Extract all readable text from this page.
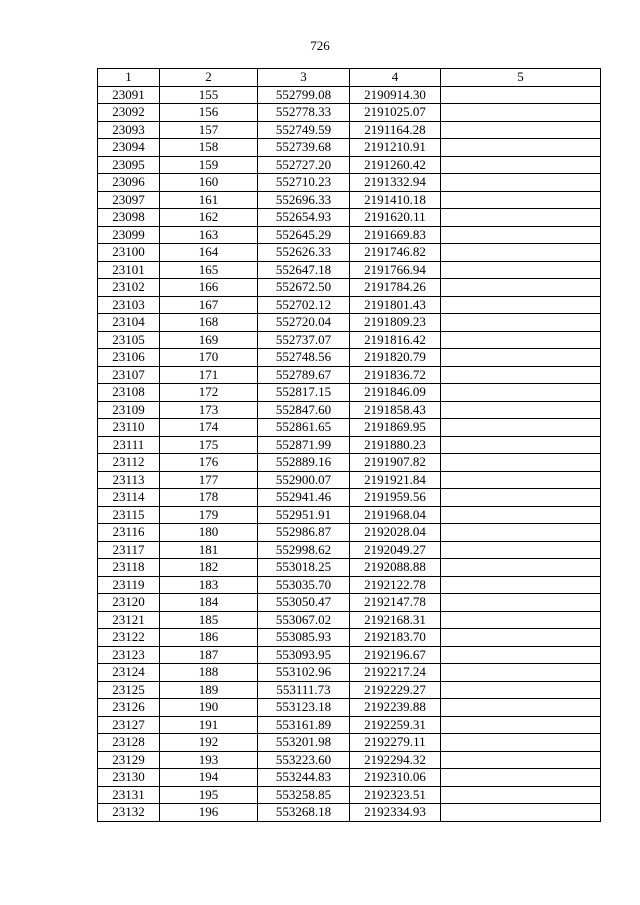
726
1	2	3	4	5
23091	155	552799.08	2190914.30	
23092	156	552778.33	2191025.07	
23093	157	552749.59	2191164.28	
23094	158	552739.68	2191210.91	
23095	159	552727.20	2191260.42	
23096	160	552710.23	2191332.94	
23097	161	552696.33	2191410.18	
23098	162	552654.93	2191620.11	
23099	163	552645.29	2191669.83	
23100	164	552626.33	2191746.82	
23101	165	552647.18	2191766.94	
23102	166	552672.50	2191784.26	
23103	167	552702.12	2191801.43	
23104	168	552720.04	2191809.23	
23105	169	552737.07	2191816.42	
23106	170	552748.56	2191820.79	
23107	171	552789.67	2191836.72	
23108	172	552817.15	2191846.09	
23109	173	552847.60	2191858.43	
23110	174	552861.65	2191869.95	
23111	175	552871.99	2191880.23	
23112	176	552889.16	2191907.82	
23113	177	552900.07	2191921.84	
23114	178	552941.46	2191959.56	
23115	179	552951.91	2191968.04	
23116	180	552986.87	2192028.04	
23117	181	552998.62	2192049.27	
23118	182	553018.25	2192088.88	
23119	183	553035.70	2192122.78	
23120	184	553050.47	2192147.78	
23121	185	553067.02	2192168.31	
23122	186	553085.93	2192183.70	
23123	187	553093.95	2192196.67	
23124	188	553102.96	2192217.24	
23125	189	553111.73	2192229.27	
23126	190	553123.18	2192239.88	
23127	191	553161.89	2192259.31	
23128	192	553201.98	2192279.11	
23129	193	553223.60	2192294.32	
23130	194	553244.83	2192310.06	
23131	195	553258.85	2192323.51	
23132	196	553268.18	2192334.93	
